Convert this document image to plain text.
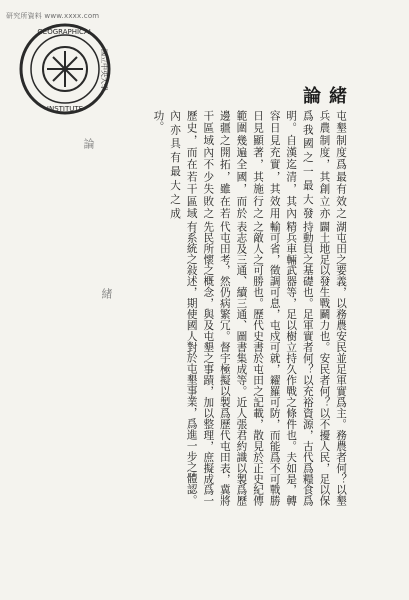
研究所資料 www.xxxx.com
GEOGRAPHICAL
INSTITUTE
國立中央大學
緒論

屯墾制度爲最有效之兵農制度，其創立亦爲我國之一最大發明。自漢迄清，其內容日見充實，其效用日見顯著，其施行之範圍幾遍全國，而於邊疆之開拓，雖在若干區域內不少失敗之歷史，而在若干區域內亦具有最大之成功。

湖屯田之要義，以務農安民並足軍實爲主。務農者何？以墾闢土地足以發生戰鬬力也。安民者何？以不擾人民，足以保持動員之基礎也。足軍實者何？以充裕資源，古代爲糧食爲精兵車輛武器等，足以樹立持久作戰之條件也。夫如是，轉輸可省，徵調可息，屯戍可就，糴羅可防，而能爲不可戰勝之敵人之可勝也。歷代史書於屯田之記載，散見於正史紀傳表志及三通、續三通、圖書集成等。近人張君約識以製爲歷代屯田考，然仍病繁冗。督宇極擬以製爲歷代屯田表，冀將先民所懷之概念，與及屯墾之事蹟，加以整理，庶擬成爲一有系統之敍述，期使國人對於屯墾事業，爲進一步之體認。

論
緒
